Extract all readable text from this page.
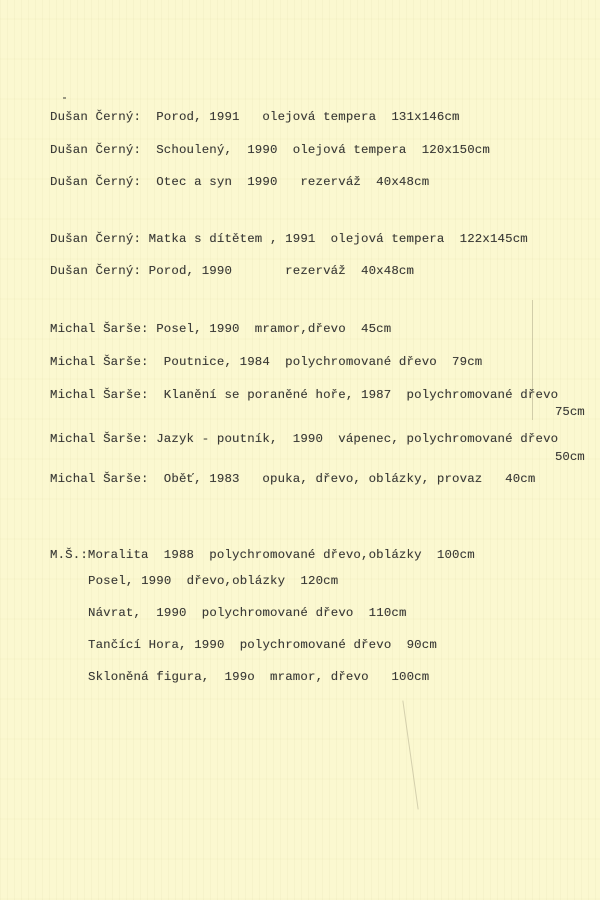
Dušan Černý:  Porod, 1991   olejová tempera  131x146cm

Dušan Černý:  Schoulený,  1990  olejová tempera  120x150cm

Dušan Černý:  Otec a syn  1990   rezerváž  40x48cm

Dušan Černý: Matka s dítětem , 1991  olejová tempera  122x145cm

Dušan Černý: Porod, 1990       rezerváž  40x48cm

Michal Šarše: Posel, 1990  mramor,dřevo  45cm

Michal Šarše:  Poutnice, 1984  polychromované dřevo  79cm

Michal Šarše:  Klanění se poraněné hoře, 1987  polychromované dřevo

75cm

Michal Šarše: Jazyk - poutník,  1990  vápenec, polychromované dřevo

50cm

Michal Šarše:  Oběť, 1983   opuka, dřevo, oblázky, provaz   40cm

M.Š.:Moralita  1988  polychromované dřevo,oblázky  100cm

Posel, 1990  dřevo,oblázky  120cm

Návrat,  1990  polychromované dřevo  110cm

Tančící Hora, 1990  polychromované dřevo  90cm

Skloněná figura,  199o  mramor, dřevo   100cm
